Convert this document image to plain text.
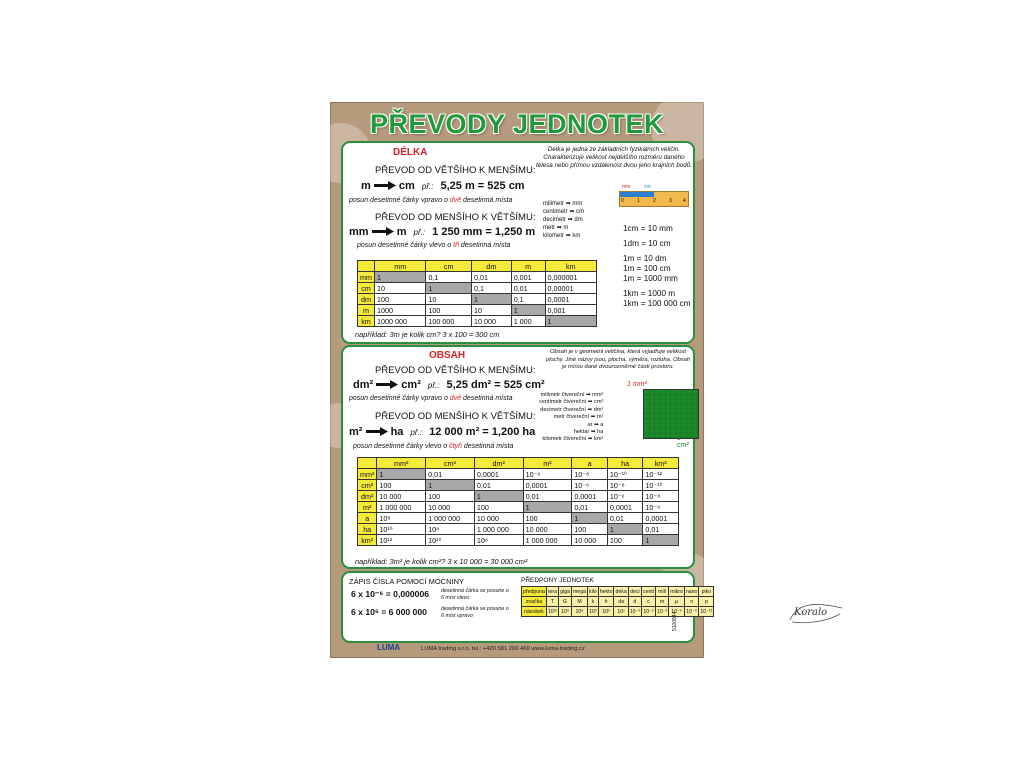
PŘEVODY JEDNOTEK
DÉLKA
PŘEVOD OD VĚTŠÍHO K MENŠÍMU:
m	cm př.: 5,25 m = 525 cm
posun desetinné čárky vpravo o dvě desetinná místa
PŘEVOD OD MENŠÍHO K VĚTŠÍMU:
mm	m př.: 1 250 mm = 1,250 m
posun desetinné čárky vlevo o tři desetinná místa
Délka je jedna ze základních fyzikálních veličin. Charakterizuje velikost nejdelšího rozměru daného tělesa nebo přímou vzdálenost dvou jeho krajních bodů.
milimetr ➡ mm
centimetr ➡ cm
decimetr ➡ dm
metr ➡ m
kilometr ➡ km
mm	cm
0	1	2	3 4
1cm = 10 mm
1dm = 10 cm
1m = 10 dm
1m = 100 cm
1m = 1000 mm
1km = 1000 m
1km = 100 000 cm
	mm	cm	dm	m	km
mm	1	0,1	0,01	0,001	0,000001
cm	10	1	0,1	0,01	0,00001
dm	100	10	1	0,1	0,0001
m	1000	100	10	1	0,001
km	1000 000	100 000	10 000	1 000	1
například: 3m je kolik cm? 3 x 100 = 300 cm
OBSAH
PŘEVOD OD VĚTŠÍHO K MENŠÍMU:
dm²	cm² př.: 5,25 dm² = 525 cm²
posun desetinné čárky vpravo o dvě desetinná místa
PŘEVOD OD MENŠÍHO K VĚTŠÍMU:
m²	ha př.: 12 000 m² = 1,200 ha
posun desetinné čárky vlevo o čtyři desetinná místa
Obsah je v geometrii veličina, která vyjadřuje velikost plochy. Jiné názvy jsou, plocha, výměra, rozloha. Obsah je mírou dané dvourozměrné části prostoru.
milimetr čtvereční ➡ mm²
centimetr čtvereční ➡ cm²
decimetr čtvereční ➡ dm²
metr čtvereční ➡ m²
ar ➡ a
hektar ➡ ha
kilometr čtvereční ➡ km²
1 mm²
1 cm²
	mm²	cm²	dm²	m²	a	ha	km²
mm²	1	0,01	0,0001	10⁻⁶	10⁻⁸	10⁻¹⁰	10⁻¹²
cm²	100	1	0,01	0,0001	10⁻⁶	10⁻⁸	10⁻¹⁰
dm²	10 000	100	1	0,01	0,0001	10⁻⁶	10⁻⁸
m²	1 000 000	10 000	100	1	0,01	0,0001	10⁻⁶
a	10⁸	1 000 000	10 000	100	1	0,01	0,0001
ha	10¹⁰	10⁸	1 000 000	10 000	100	1	0,01
km²	10¹²	10¹⁰	10⁸	1 000 000	10 000	100	1
například: 3m² je kolik cm²? 3 x 10 000 = 30 000 cm²
ZÁPIS ČÍSLA POMOCÍ MOCNINY
6 x 10⁻⁶ = 0,000006 desetinná čárka se posune o 6 míst vlevo
6 x 10⁶ = 6 000 000	desetinná čárka se posune o 6 míst vpravo
PŘEDPONY JEDNOTEK
předpona	tera	giga	mega	kilo	hekto	deka	deci	centi	mili	mikro	nano	piko
značka	T	G	M	k	h	da	d	c	m	µ	n	p
násobek	10¹²	10⁹	10⁶	10³	10²	10¹	10⁻¹	10⁻²	10⁻³	10⁻⁶	10⁻⁹	10⁻¹²
LUMA	LUMA trading s.r.o. tel.: +420 581 200 469 www.luma-trading.cz
5100844	Koralo
